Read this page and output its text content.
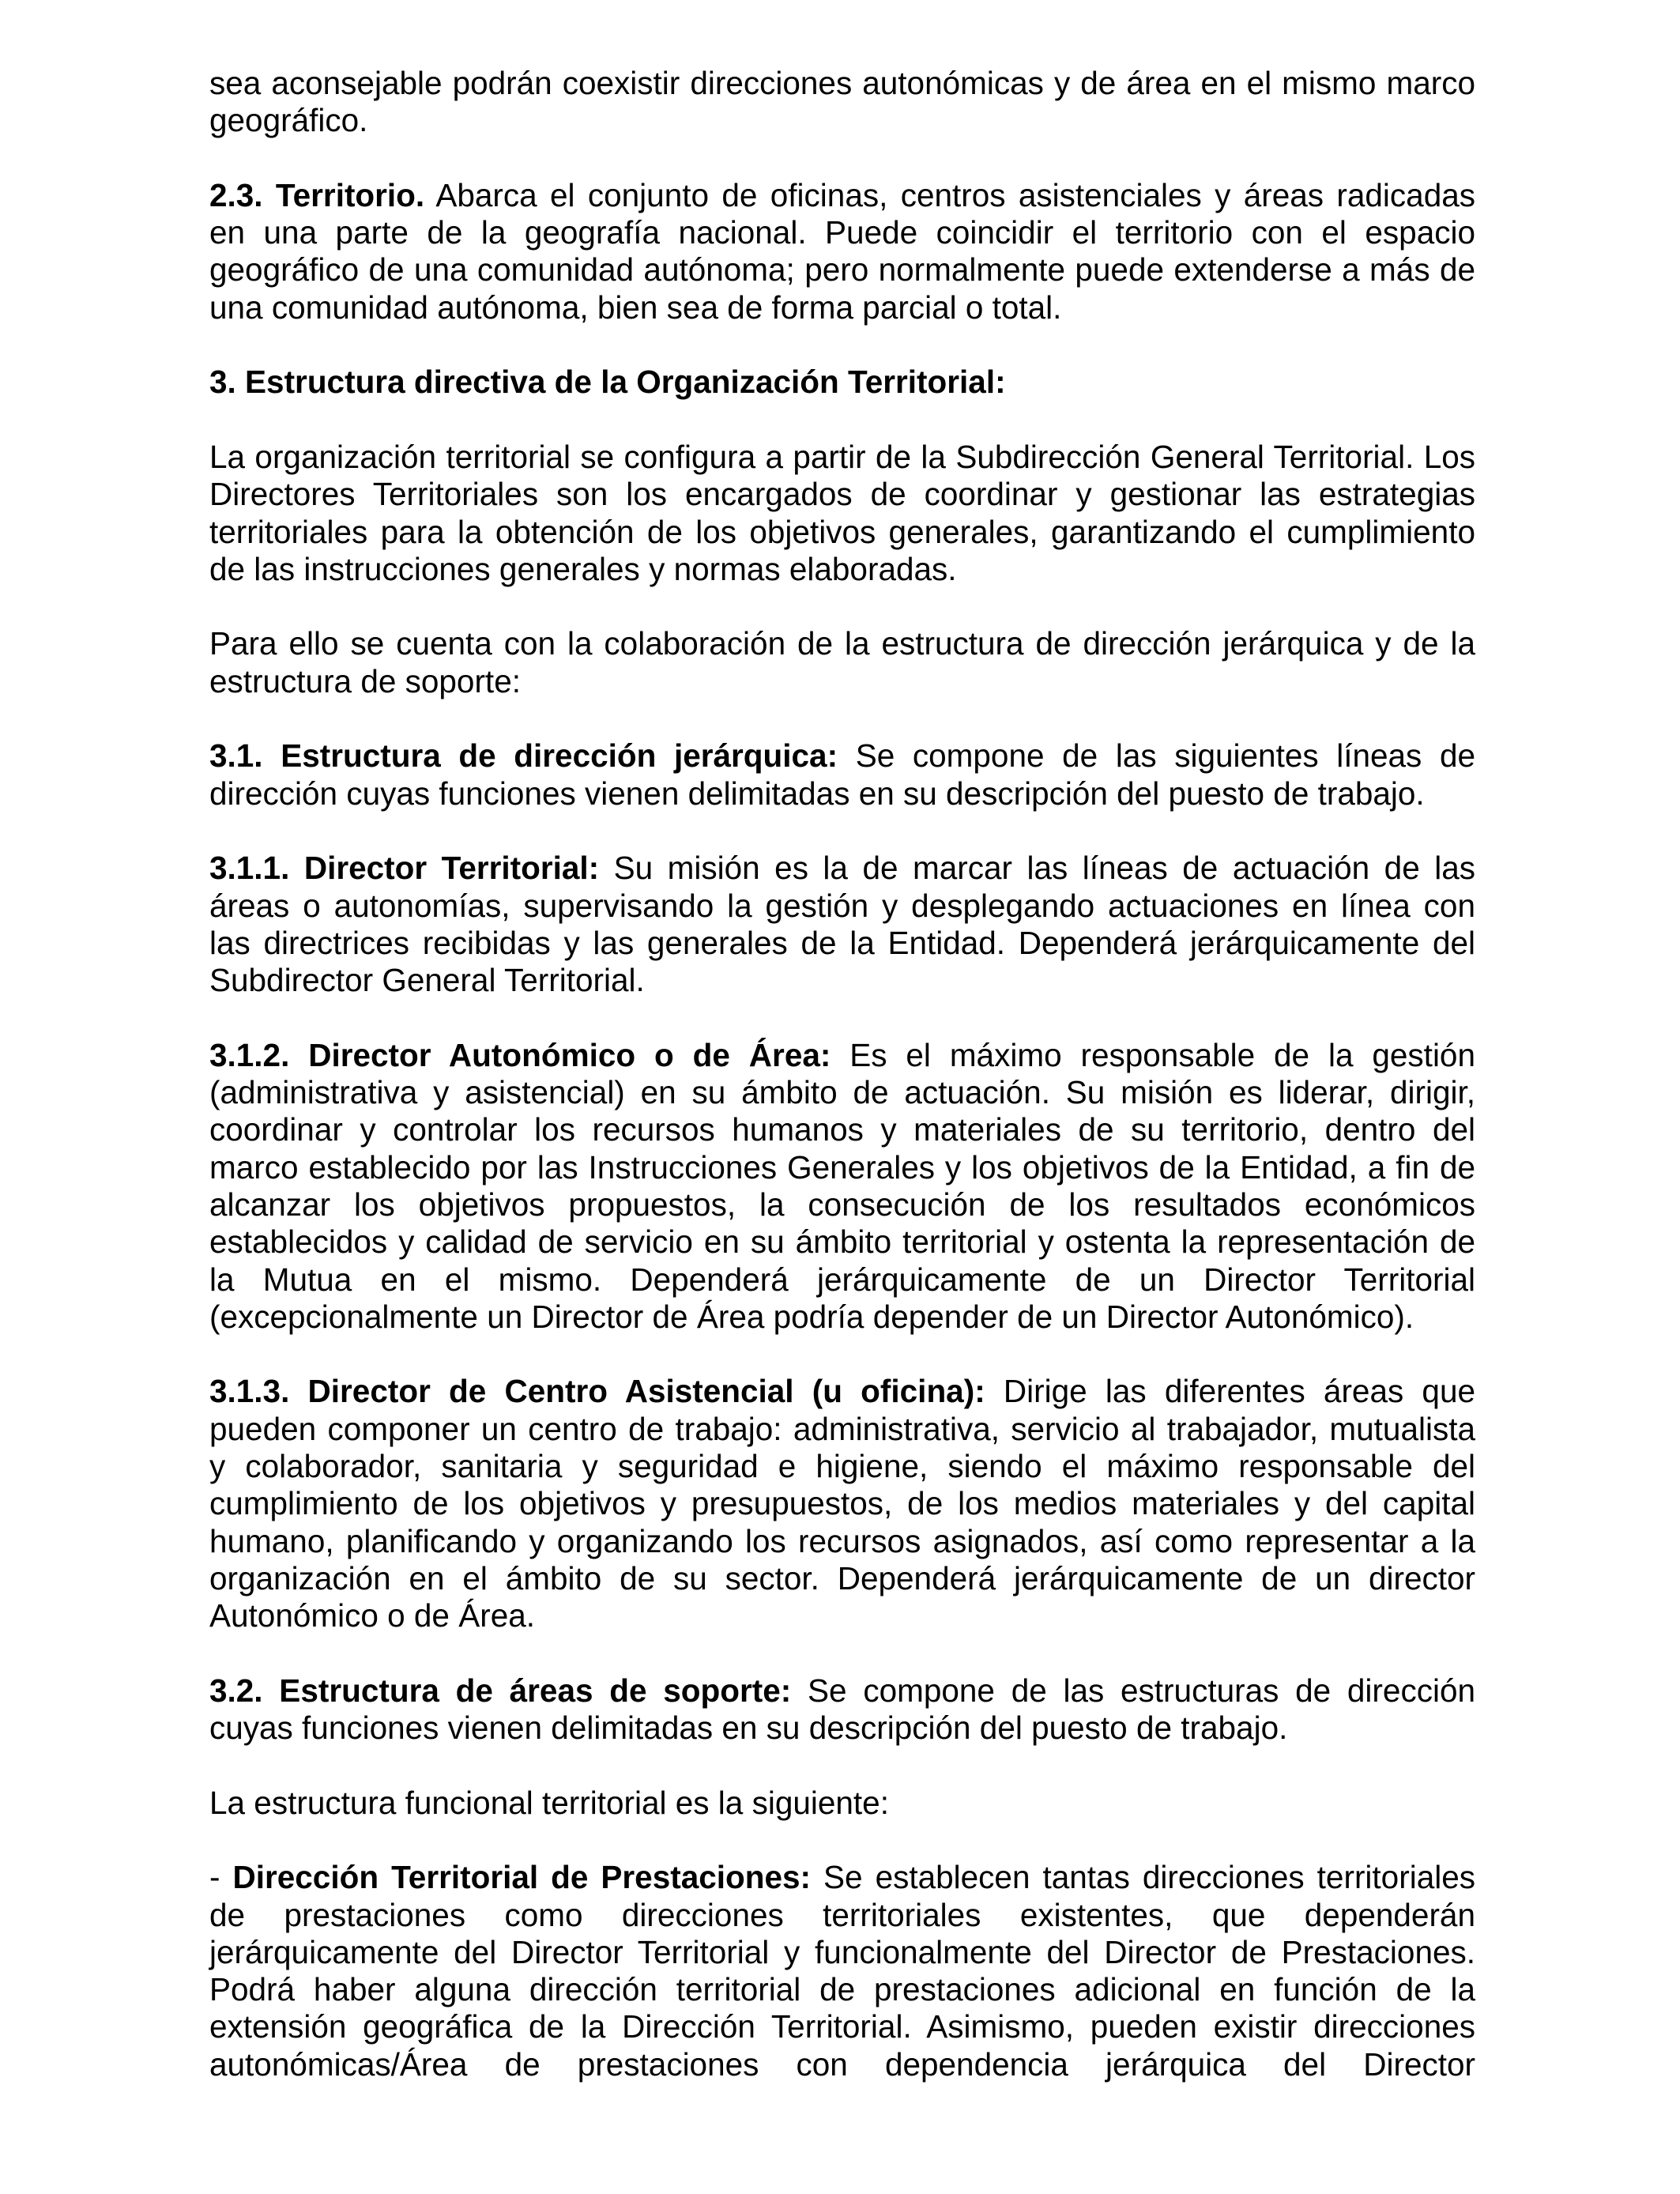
sea aconsejable podrán coexistir direcciones autonómicas y de área en el mismo marco geográfico.

2.3. Territorio. Abarca el conjunto de oficinas, centros asistenciales y áreas radicadas en una parte de la geografía nacional. Puede coincidir el territorio con el espacio geográfico de una comunidad autónoma; pero normalmente puede extenderse a más de una comunidad autónoma, bien sea de forma parcial o total.

3. Estructura directiva de la Organización Territorial:

La organización territorial se configura a partir de la Subdirección General Territorial. Los Directores Territoriales son los encargados de coordinar y gestionar las estrategias territoriales para la obtención de los objetivos generales, garantizando el cumplimiento de las instrucciones generales y normas elaboradas.

Para ello se cuenta con la colaboración de la estructura de dirección jerárquica y de la estructura de soporte:

3.1. Estructura de dirección jerárquica: Se compone de las siguientes líneas de dirección cuyas funciones vienen delimitadas en su descripción del puesto de trabajo.

3.1.1. Director Territorial: Su misión es la de marcar las líneas de actuación de las áreas o autonomías, supervisando la gestión y desplegando actuaciones en línea con las directrices recibidas y las generales de la Entidad. Dependerá jerárquicamente del Subdirector General Territorial.

3.1.2. Director Autonómico o de Área: Es el máximo responsable de la gestión (administrativa y asistencial) en su ámbito de actuación. Su misión es liderar, dirigir, coordinar y controlar los recursos humanos y materiales de su territorio, dentro del marco establecido por las Instrucciones Generales y los objetivos de la Entidad, a fin de alcanzar los objetivos propuestos, la consecución de los resultados económicos establecidos y calidad de servicio en su ámbito territorial y ostenta la representación de la Mutua en el mismo. Dependerá jerárquicamente de un Director Territorial (excepcionalmente un Director de Área podría depender de un Director Autonómico).

3.1.3. Director de Centro Asistencial (u oficina): Dirige las diferentes áreas que pueden componer un centro de trabajo: administrativa, servicio al trabajador, mutualista y colaborador, sanitaria y seguridad e higiene, siendo el máximo responsable del cumplimiento de los objetivos y presupuestos, de los medios materiales y del capital humano, planificando y organizando los recursos asignados, así como representar a la organización en el ámbito de su sector. Dependerá jerárquicamente de un director Autonómico o de Área.

3.2. Estructura de áreas de soporte: Se compone de las estructuras de dirección cuyas funciones vienen delimitadas en su descripción del puesto de trabajo.

La estructura funcional territorial es la siguiente:

- Dirección Territorial de Prestaciones: Se establecen tantas direcciones territoriales de prestaciones como direcciones territoriales existentes, que dependerán jerárquicamente del Director Territorial y funcionalmente del Director de Prestaciones. Podrá haber alguna dirección territorial de prestaciones adicional en función de la extensión geográfica de la Dirección Territorial. Asimismo, pueden existir direcciones autonómicas/Área de prestaciones con dependencia jerárquica del Director
